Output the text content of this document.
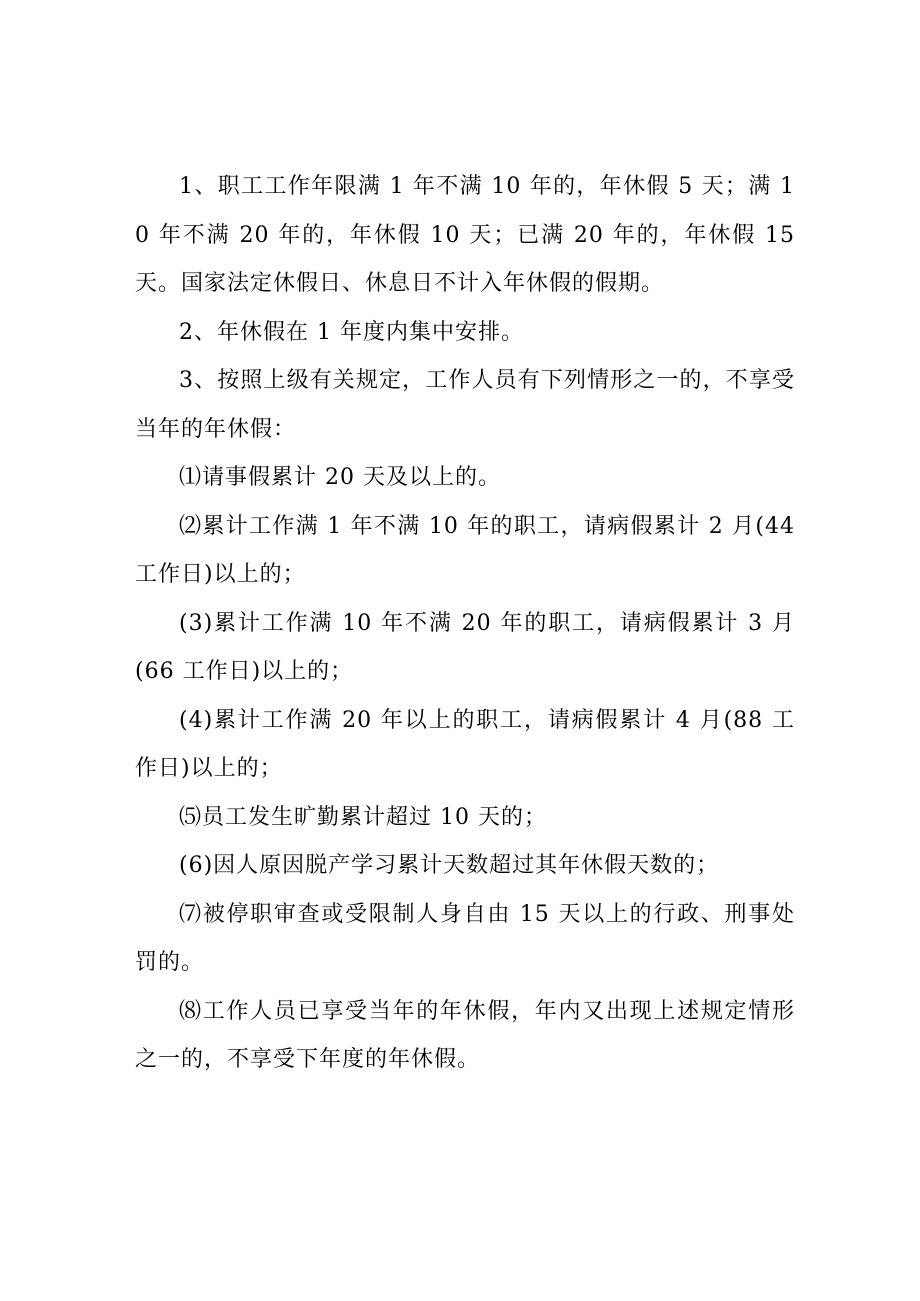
1、职工工作年限满 1 年不满 10 年的，年休假 5 天；满 10 年不满 20 年的，年休假 10 天；已满 20 年的，年休假 15 天。国家法定休假日、休息日不计入年休假的假期。

2、年休假在 1 年度内集中安排。

3、按照上级有关规定，工作人员有下列情形之一的，不享受当年的年休假：

⑴请事假累计 20 天及以上的。

⑵累计工作满 1 年不满 10 年的职工，请病假累计 2 月(44 工作日)以上的；

(3)累计工作满 10 年不满 20 年的职工，请病假累计 3 月(66 工作日)以上的；

(4)累计工作满 20 年以上的职工，请病假累计 4 月(88 工作日)以上的；

⑸员工发生旷勤累计超过 10 天的；

(6)因人原因脱产学习累计天数超过其年休假天数的；

⑺被停职审查或受限制人身自由 15 天以上的行政、刑事处罚的。

⑻工作人员已享受当年的年休假，年内又出现上述规定情形之一的，不享受下年度的年休假。
